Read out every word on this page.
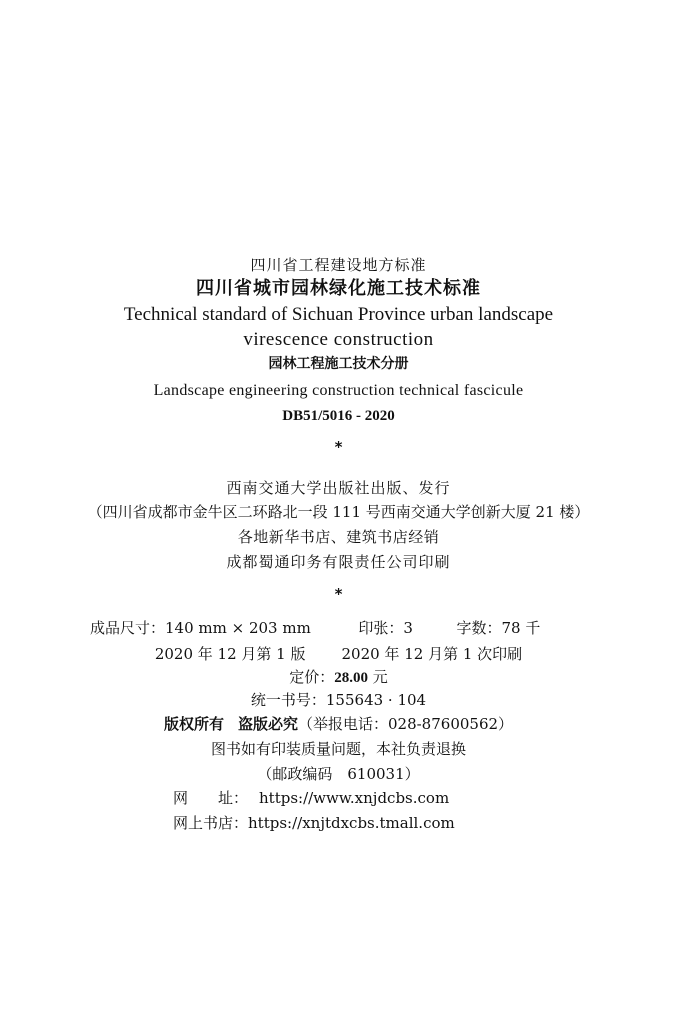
四川省工程建设地方标准
四川省城市园林绿化施工技术标准
Technical standard of Sichuan Province urban landscape
virescence construction
园林工程施工技术分册
Landscape engineering construction technical fascicule
DB51/5016 - 2020
*
西南交通大学出版社出版、发行
（四川省成都市金牛区二环路北一段 111 号西南交通大学创新大厦 21 楼）
各地新华书店、建筑书店经销
成都蜀通印务有限责任公司印刷
*
成品尺寸：140 mm × 203 mm	印张：3	字数：78 千
2020 年 12 月第 1 版 2020 年 12 月第 1 次印刷
定价：28.00 元
统一书号：155643 · 104
版权所有 盗版必究（举报电话：028-87600562）
图书如有印装质量问题，本社负责退换
（邮政编码　610031）
网　　址： https://www.xnjdcbs.com
网上书店：https://xnjtdxcbs.tmall.com
